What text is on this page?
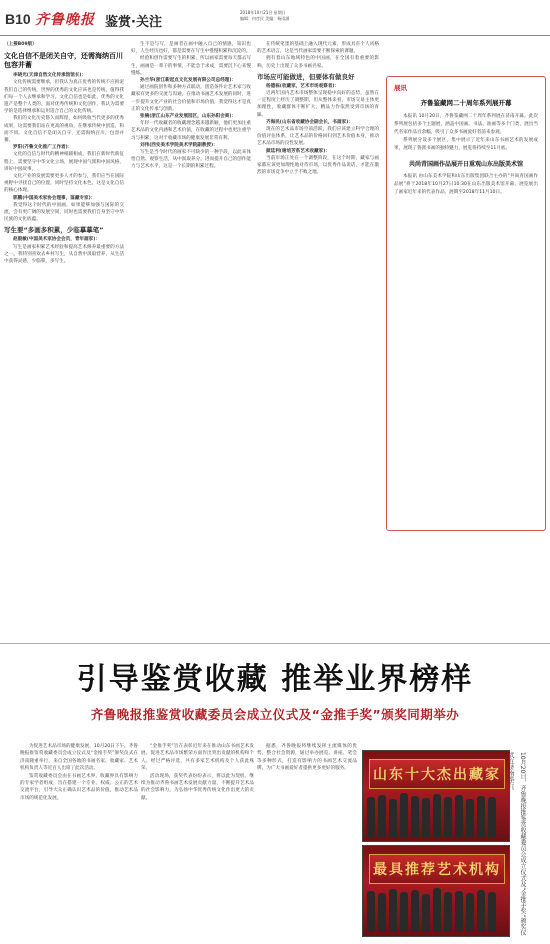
B10 齐鲁晚报 鉴赏·关注
2018年10月21日 星期日
编辑：何彦民 美编：杨雨涵

（上接B09版）

文化自信不是闭关自守，还需海纳百川包容并蓄

李晓光(天津自然文化传承馆馆长)：

文化传统需要继承，但我认为真正优秀的传统不应拘泥我们自己的传统，世界的优秀的文化应该也是传统，值得我们每一个人去继承和学习。文化自信也是如此，优秀的文化遗产是整个人类的，面对优秀传统和文化创作，我认为需要学的是选择继承和运用适合自己的文化传统。

我们的文化历史悠久而辉煌，如何吸收当代更多的优秀成果，这需要我们站在更高的视角，在继承传统中创造，和而不同。文化自信不是闭关自守，还需海纳百川，包容并蓄。

罗阳(齐鲁文化推广工作者)：

文化的自信与时代的精神相辅相成，我们在新时代新征程上，需要坚守中华文化立场，展现中国气派和中国风格，讲好中国故事。

文化产业的发展需要更多人才的参与，我们应当在国际视野中寻找自己的位置，同时坚持文化本色，这是文化自信的核心体现。

郭鹏(中国美术家协会理事，鉴藏专家)：

我觉得这个时代的中国画，如果能够加强与国际的交流，会有更广阔的发展空间，同时也需要我们自身坚守中华民族的文化底蕴。

写生要“多画多积累，少临摹摹笔”

赵毅敏(中国美术家协会会员，青年画家)：

写生是画家积累艺术经验和提高艺术修养最重要的方法之一。我特别喜欢去乡村写生，从自然中汲取营养，从生活中获得灵感，少临摹，多写生。

生不是与写，是画者在画中融入自己的情感，知识也好，人生经历也好，都是需要在写生中慢慢积累和沉淀的。

经验和创作需要写生的积累，所以画家需要每天都去写生，画画是一辈子的事情，不能急于求成，需要沉下心来慢慢练。

孙兰华(浙江新起点文化发展有限公司总经理)：

通过画院创作和多种方式联动，创造条件让艺术家与收藏家有更多的交流与沟通，在推动书画艺术发展的同时，进一步提升文化产业的社会价值和市场价值，我觉得这才是真正的文化传承与创新。

张楠(浙江山东产业发展园区，山东孙阳会商)：

年轻一代收藏者的收藏理念越来越新颖，他们更加注重艺术品的文化内涵和艺术价值，在收藏的过程中也更注重学习与积累，这对于收藏市场的健康发展非常有利。

刘伟(西安美术学院美术学院副教授)：

写生是当今时代的画家不可缺少的一种手段，以此来体悟自然、观察生活，从中汲取养分，进而提升自己的创作能力与艺术水平，这是一个长期的积累过程。

在传统笔墨的基础上融入现代元素，形成具有个人风格的艺术语言，这是当代画家需要不断探索的课题。

拥有着山东地域特色的中国画，在全国有着重要的影响，历史上出现了众多书画名家。

市场应可能做进，但要体有做良好

杨德栋(收藏家，艺术市场观察者)：

近两年国内艺术市场整体呈现稳中向好的态势，虽然在一定程度上经历了调整期，但从整体来看，市场交易主体更加理性，收藏群体不断扩大，精品力作依然受到市场的青睐。

齐海民(山东省收藏协会副会长，书画家)：

现在的艺术品市场空前活跃，我们应该建立科学合理的价值评估体系，让艺术品的价格回归到艺术价值本身，推动艺术品市场的良性发展。

颜廷利(谢培芳系艺术收藏家)：

当前市场正处在一个调整阶段，在这个时期，藏家与画家都应该更加理性地对待市场，以优秀作品说话，才能在激烈的市场竞争中立于不败之地。

展讯
齐鲁鉴藏网二十周年系列展开幕

本报讯 10月20日，齐鲁鉴藏网二十周年系列展在济南开幕。此次系列展包括多个主题展，涵盖中国画、书法、油画等多个门类，展出当代名家作品百余幅，吸引了众多书画爱好者前来参观。

系列展分设多个展区，集中展示了近年来山东书画艺术的发展成果，展现了鲁派书画的独特魅力，展览将持续至11月底。

共尚青国画作品展开日重观山东出版美术馆

本报讯 由山东美术学院和山东出版集团联合主办的“共尚青国画作品展”将于2018年10月27日10:30在山东出版美术馆开幕，展览展出了画家近年来的代表作品，展期至2018年11月10日。

引导鉴赏收藏 推举业界榜样
齐鲁晚报推鉴赏收藏委员会成立仪式及“金推手奖”颁奖同期举办

为促进艺术品市场的健康发展，10月20日下午，齐鲁晚报推鉴赏收藏委员会成立仪式及“金推手奖”颁奖仪式在济南隆重举行，来自全国各地的书画名家、收藏家、艺术机构负责人等近百人出席了此次活动。

鉴赏收藏委员会由在书画艺术界、收藏界具有影响力的专家学者组成，旨在搭建一个专业、权威、公正的艺术交流平台，引导大众正确认识艺术品的价值，推动艺术品市场的规范化发展。

“金推手奖”旨在表彰近年来在推动山东书画艺术发展、促进艺术品市场繁荣方面作出突出贡献的机构和个人。经过严格评选，共有多家艺术机构及个人获此殊荣。

活动现场，获奖代表纷纷表示，将以此为契机，继续为推动齐鲁书画艺术发展贡献力量，不断提升艺术品的社会影响力，为弘扬中华优秀传统文化作出更大的贡献。

据悉，齐鲁晚报将继续发挥主流媒体的优势，整合社会资源，通过举办展览、讲座、笔会等多种形式，打造有影响力的书画艺术交流品牌，为广大书画爱好者提供更多更好的服务。	山东十大杰出藏家
最具推荐艺术机构	10月20日，齐鲁晚报推鉴赏收藏委员会成立仪式及“金推手奖”颁奖仪式在济南举行。
